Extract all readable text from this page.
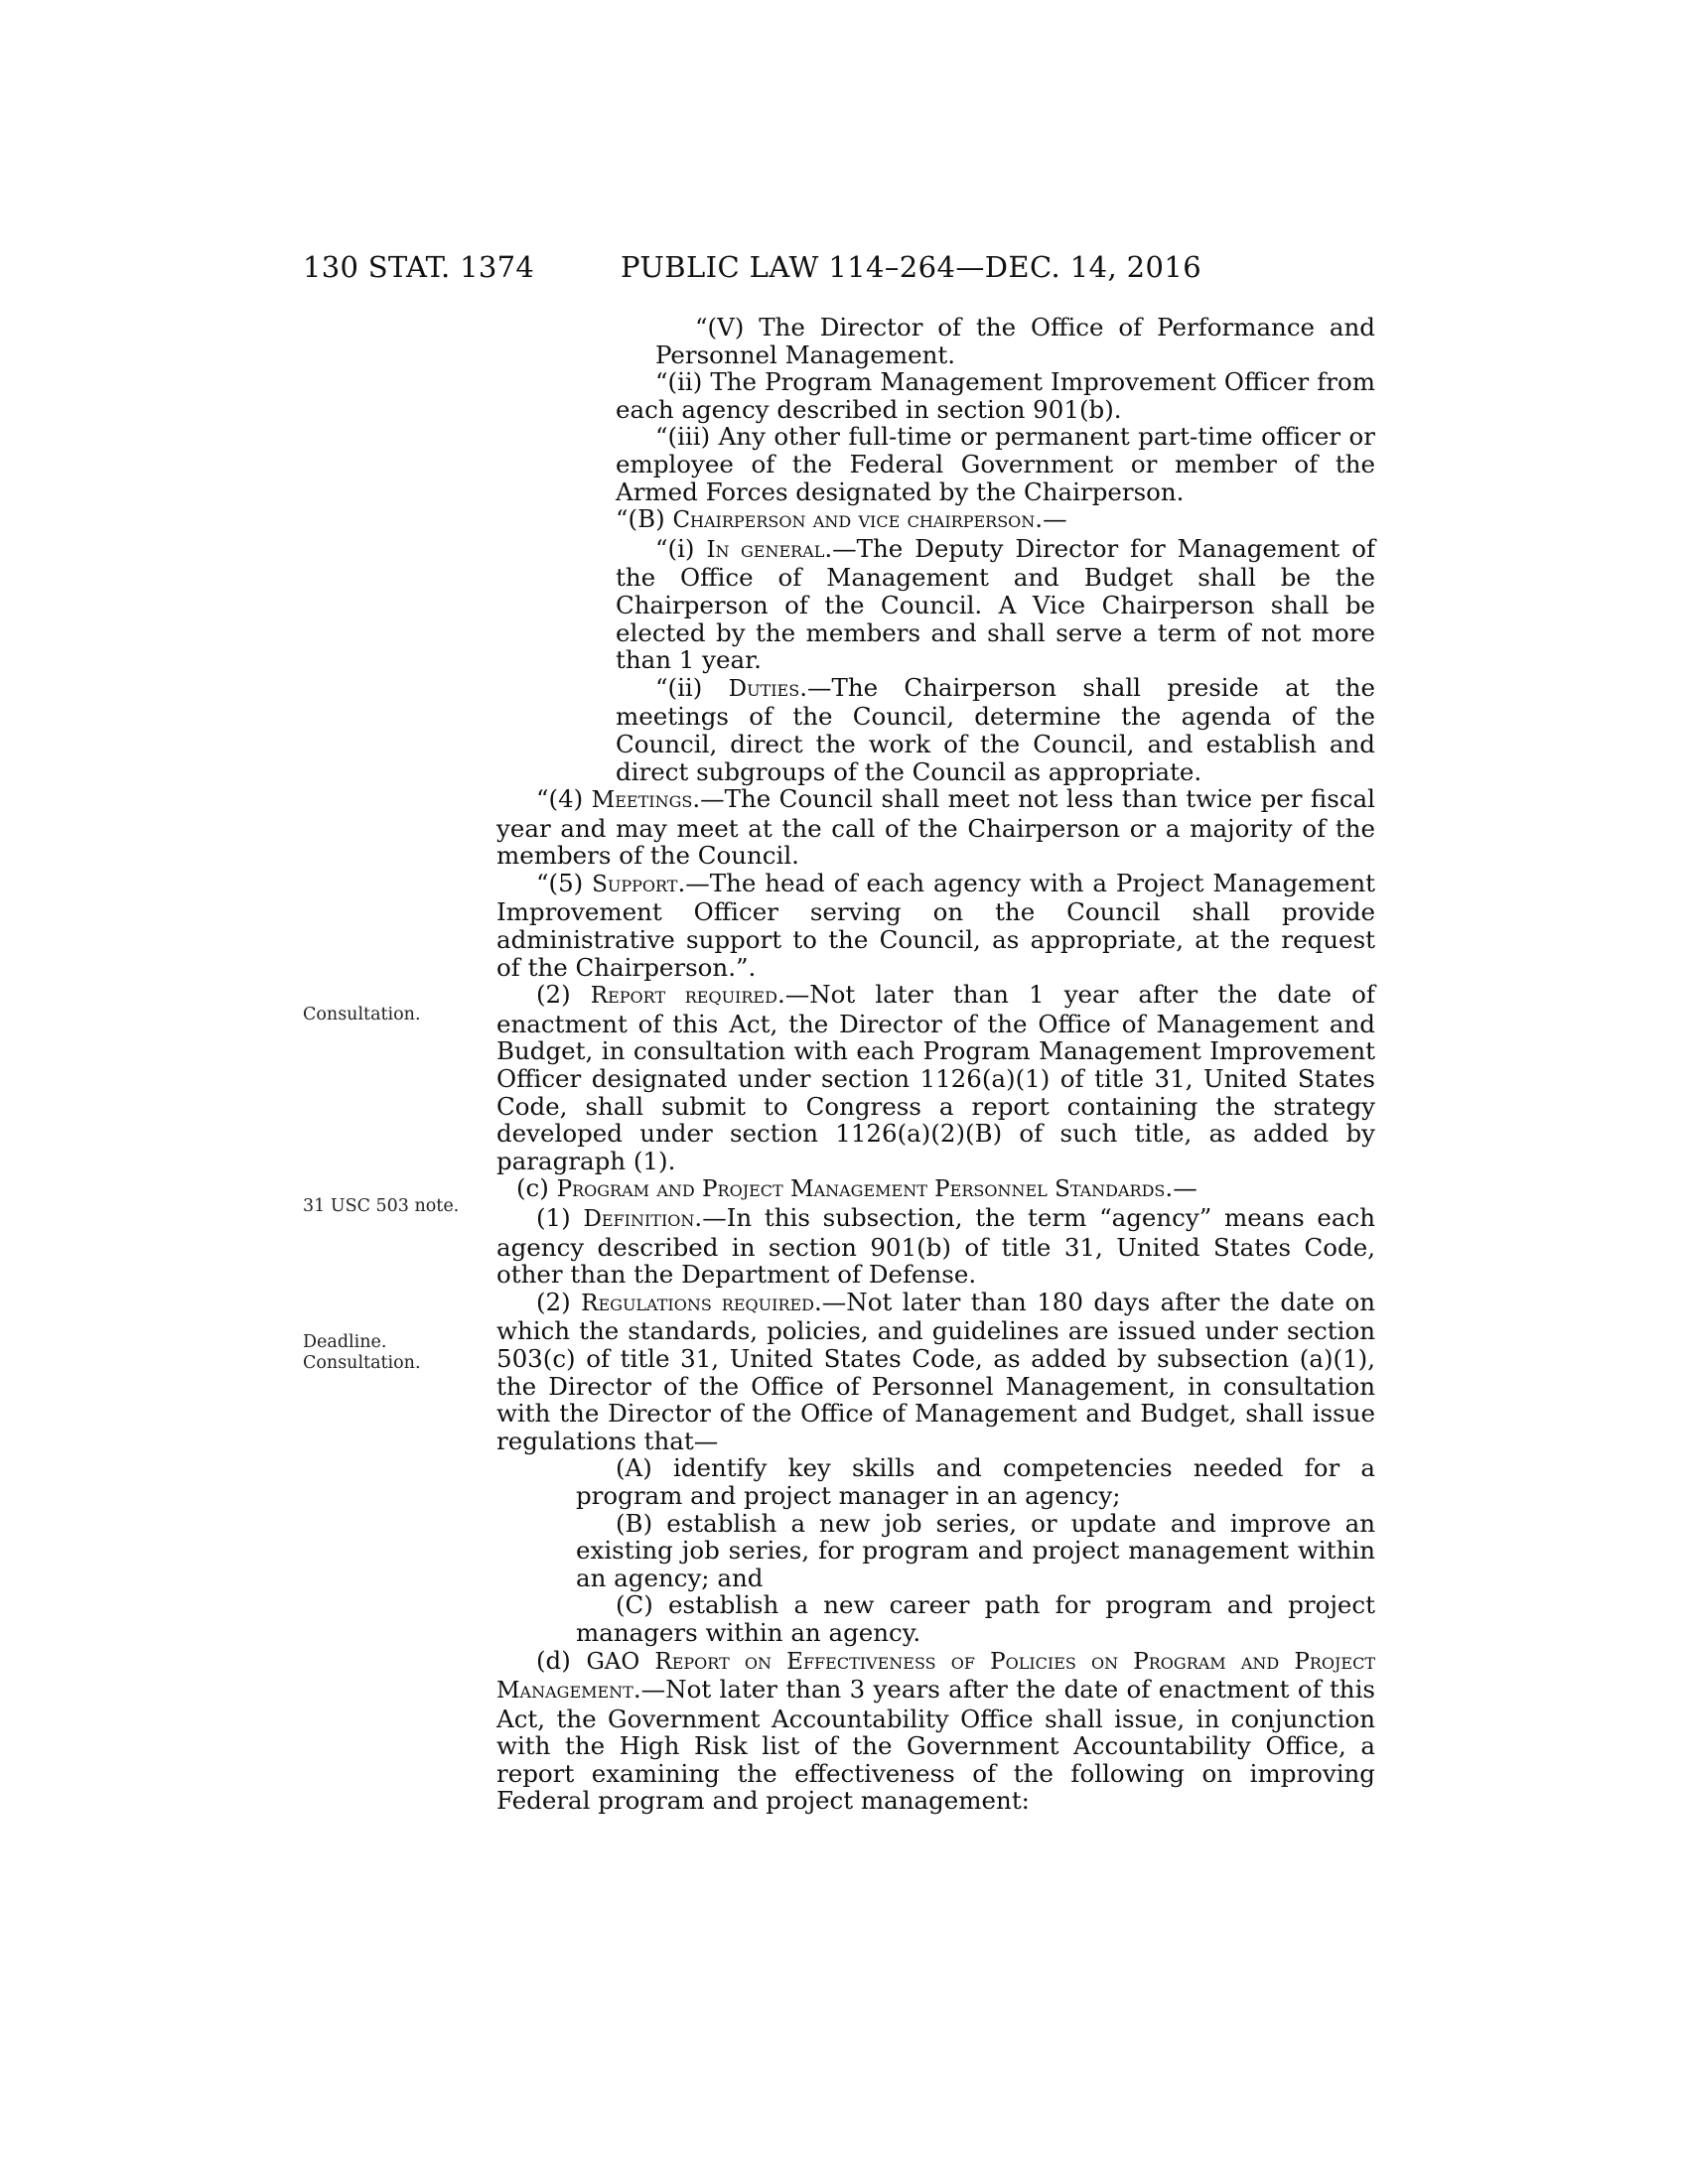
130 STAT. 1374	PUBLIC LAW 114–264—DEC. 14, 2016
Consultation.
31 USC 503 note.
Deadline.
Consultation.

“(V) The Director of the Office of Performance and Personnel Management.

“(ii) The Program Management Improvement Officer from each agency described in section 901(b).

“(iii) Any other full-time or permanent part-time officer or employee of the Federal Government or member of the Armed Forces designated by the Chairperson.

“(B) Chairperson and vice chairperson.—

“(i) In general.—The Deputy Director for Management of the Office of Management and Budget shall be the Chairperson of the Council. A Vice Chairperson shall be elected by the members and shall serve a term of not more than 1 year.

“(ii) Duties.—The Chairperson shall preside at the meetings of the Council, determine the agenda of the Council, direct the work of the Council, and establish and direct subgroups of the Council as appropriate.

“(4) Meetings.—The Council shall meet not less than twice per fiscal year and may meet at the call of the Chairperson or a majority of the members of the Council.

“(5) Support.—The head of each agency with a Project Management Improvement Officer serving on the Council shall provide administrative support to the Council, as appropriate, at the request of the Chairperson.”.

(2) Report required.—Not later than 1 year after the date of enactment of this Act, the Director of the Office of Management and Budget, in consultation with each Program Management Improvement Officer designated under section 1126(a)(1) of title 31, United States Code, shall submit to Congress a report containing the strategy developed under section 1126(a)(2)(B) of such title, as added by paragraph (1).

(c) Program and Project Management Personnel Standards.—

(1) Definition.—In this subsection, the term “agency” means each agency described in section 901(b) of title 31, United States Code, other than the Department of Defense.

(2) Regulations required.—Not later than 180 days after the date on which the standards, policies, and guidelines are issued under section 503(c) of title 31, United States Code, as added by subsection (a)(1), the Director of the Office of Personnel Management, in consultation with the Director of the Office of Management and Budget, shall issue regulations that—

(A) identify key skills and competencies needed for a program and project manager in an agency;

(B) establish a new job series, or update and improve an existing job series, for program and project management within an agency; and

(C) establish a new career path for program and project managers within an agency.

(d) GAO Report on Effectiveness of Policies on Program and Project Management.—Not later than 3 years after the date of enactment of this Act, the Government Accountability Office shall issue, in conjunction with the High Risk list of the Government Accountability Office, a report examining the effectiveness of the following on improving Federal program and project management:
